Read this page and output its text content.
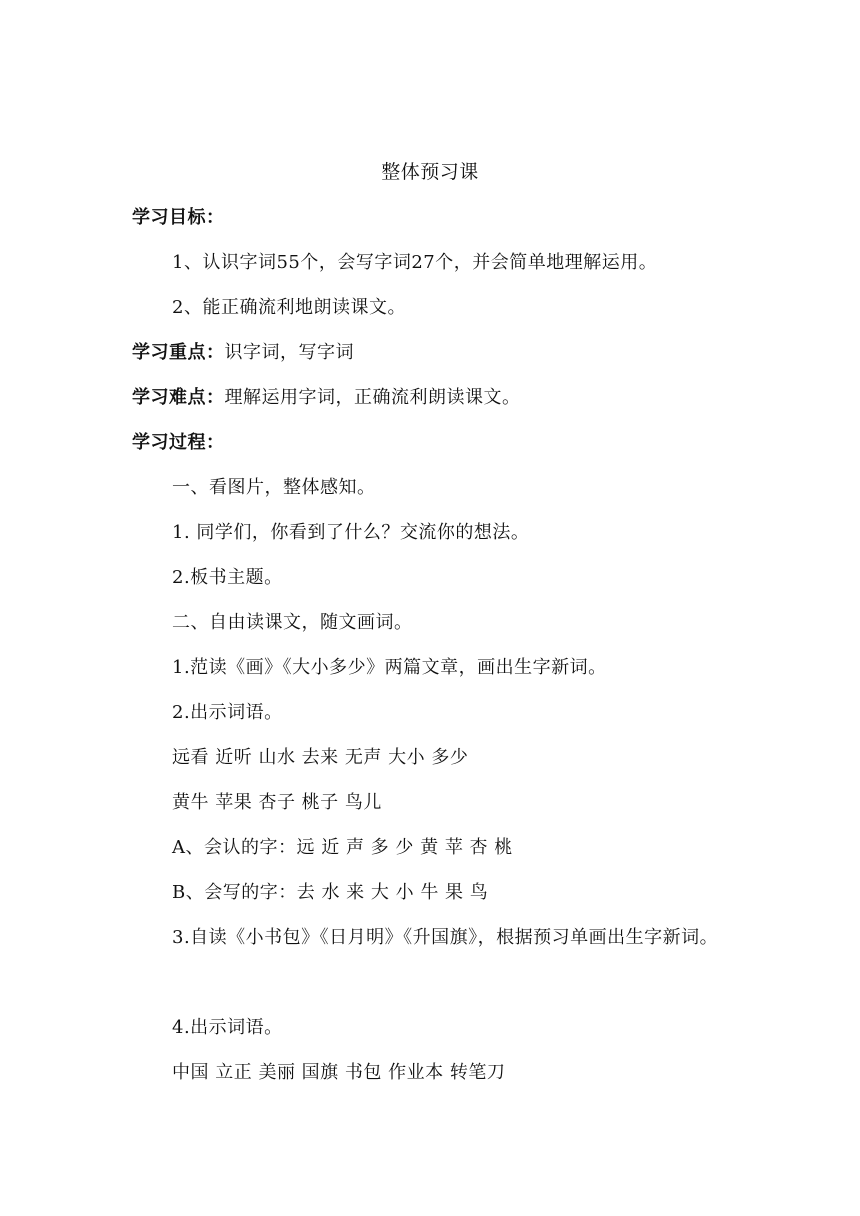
整体预习课
学习目标：
1、认识字词55个，会写字词27个，并会简单地理解运用。
2、能正确流利地朗读课文。
学习重点：识字词，写字词
学习难点：理解运用字词，正确流利朗读课文。
学习过程：
一、看图片，整体感知。
1. 同学们，你看到了什么？交流你的想法。
2.板书主题。
二、自由读课文，随文画词。
1.范读《画》《大小多少》两篇文章，画出生字新词。
2.出示词语。
远看 近听 山水 去来 无声 大小 多少
黄牛 苹果 杏子 桃子 鸟儿
A、会认的字：远 近 声 多 少 黄 苹 杏 桃
B、会写的字：去 水 来 大 小 牛 果 鸟
3.自读《小书包》《日月明》《升国旗》，根据预习单画出生字新词。
4.出示词语。
中国 立正 美丽 国旗 书包 作业本 转笔刀
